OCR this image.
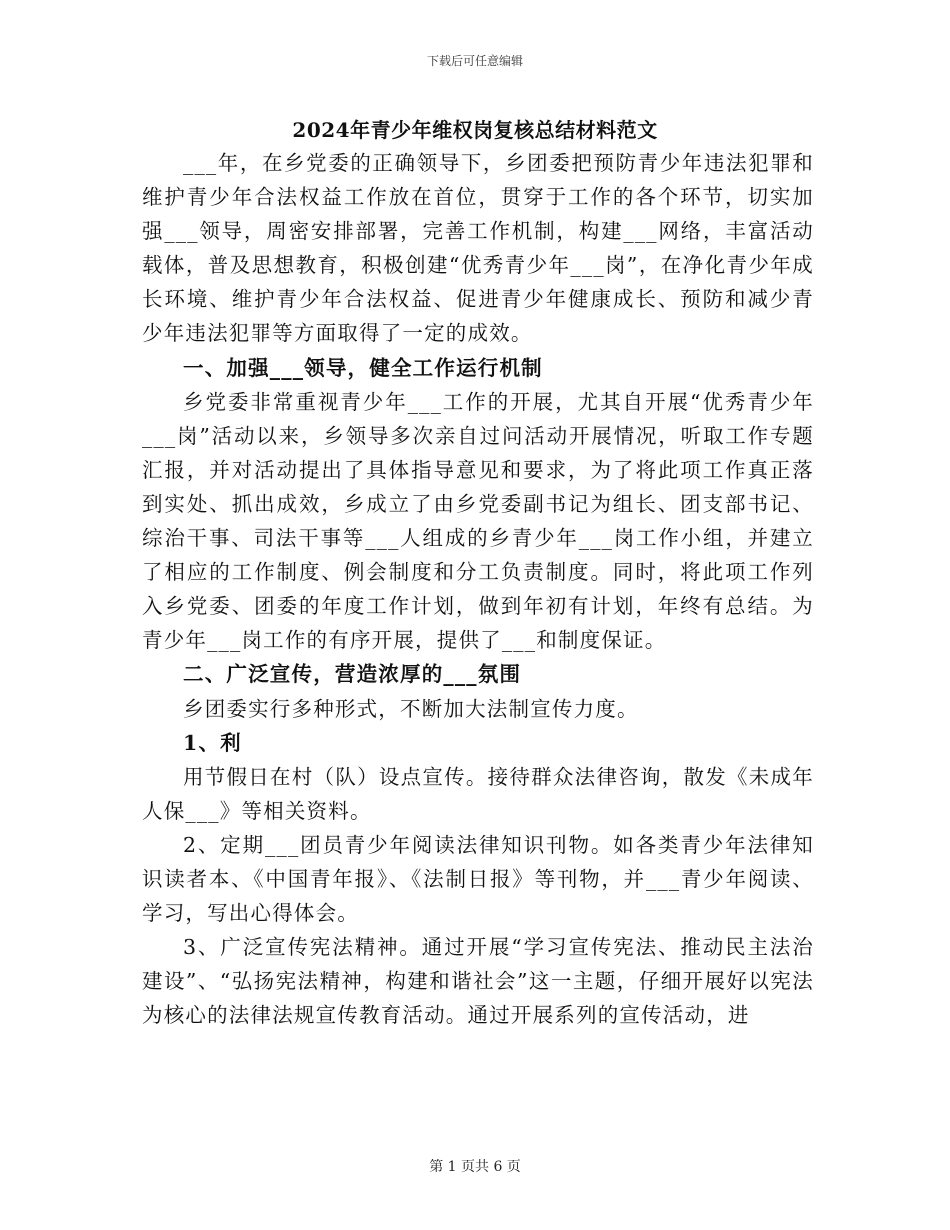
下载后可任意编辑
2024年青少年维权岗复核总结材料范文

___年，在乡党委的正确领导下，乡团委把预防青少年违法犯罪和维护青少年合法权益工作放在首位，贯穿于工作的各个环节，切实加强___领导，周密安排部署，完善工作机制，构建___网络，丰富活动载体，普及思想教育，积极创建“优秀青少年___岗”，在净化青少年成长环境、维护青少年合法权益、促进青少年健康成长、预防和减少青少年违法犯罪等方面取得了一定的成效。

一、加强___领导，健全工作运行机制

乡党委非常重视青少年___工作的开展，尤其自开展“优秀青少年___岗”活动以来，乡领导多次亲自过问活动开展情况，听取工作专题汇报，并对活动提出了具体指导意见和要求，为了将此项工作真正落到实处、抓出成效，乡成立了由乡党委副书记为组长、团支部书记、综治干事、司法干事等___人组成的乡青少年___岗工作小组，并建立了相应的工作制度、例会制度和分工负责制度。同时，将此项工作列入乡党委、团委的年度工作计划，做到年初有计划，年终有总结。为青少年___岗工作的有序开展，提供了___和制度保证。

二、广泛宣传，营造浓厚的___氛围

乡团委实行多种形式，不断加大法制宣传力度。

1、利

用节假日在村（队）设点宣传。接待群众法律咨询，散发《未成年人保___》等相关资料。

2、定期___团员青少年阅读法律知识刊物。如各类青少年法律知识读者本、《中国青年报》、《法制日报》等刊物，并___青少年阅读、学习，写出心得体会。

3、广泛宣传宪法精神。通过开展“学习宣传宪法、推动民主法治建设”、“弘扬宪法精神，构建和谐社会”这一主题，仔细开展好以宪法为核心的法律法规宣传教育活动。通过开展系列的宣传活动，进

第 1 页共 6 页
